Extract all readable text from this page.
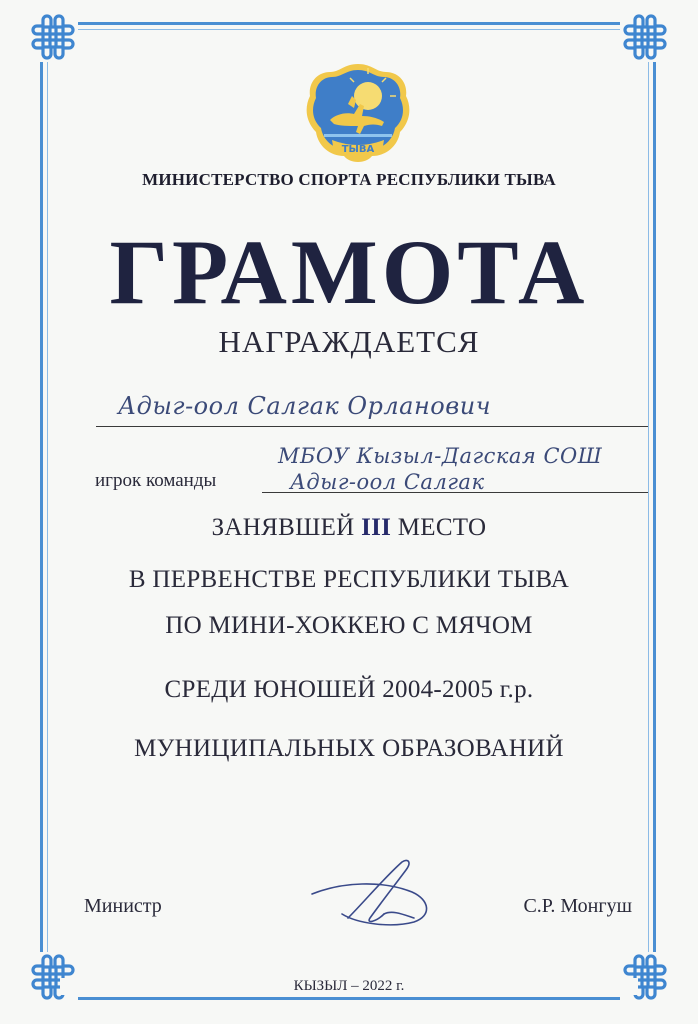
ТЫВА
МИНИСТЕРСТВО СПОРТА РЕСПУБЛИКИ ТЫВА
ГРАМОТА
НАГРАЖДАЕТСЯ
Адыг-оол Салгак Орланович
МБОУ Кызыл-Дагская СОШ
игрок команды	Адыг-оол Салгак
ЗАНЯВШЕЙ III МЕСТО
В ПЕРВЕНСТВЕ РЕСПУБЛИКИ ТЫВА
ПО МИНИ-ХОККЕЮ С МЯЧОМ
СРЕДИ ЮНОШЕЙ 2004-2005 г.р.
МУНИЦИПАЛЬНЫХ ОБРАЗОВАНИЙ
Министр	С.Р. Монгуш
КЫЗЫЛ – 2022 г.
